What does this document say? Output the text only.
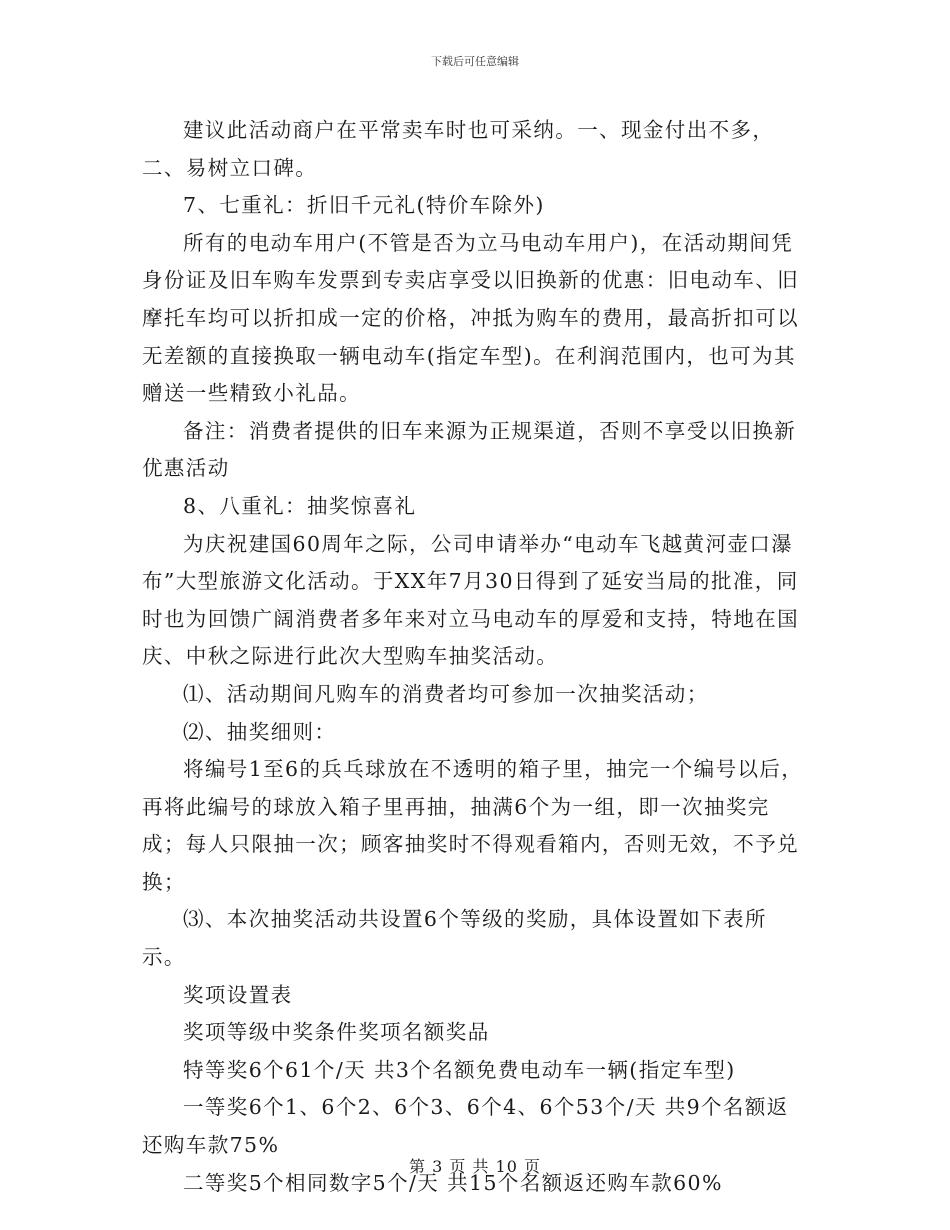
下载后可任意编辑

建议此活动商户在平常卖车时也可采纳。一、现金付出不多，二、易树立口碑。

7、七重礼：折旧千元礼(特价车除外)

所有的电动车用户(不管是否为立马电动车用户)，在活动期间凭身份证及旧车购车发票到专卖店享受以旧换新的优惠：旧电动车、旧摩托车均可以折扣成一定的价格，冲抵为购车的费用，最高折扣可以无差额的直接换取一辆电动车(指定车型)。在利润范围内，也可为其赠送一些精致小礼品。

备注：消费者提供的旧车来源为正规渠道，否则不享受以旧换新优惠活动

8、八重礼：抽奖惊喜礼

为庆祝建国60周年之际，公司申请举办“电动车飞越黄河壶口瀑布”大型旅游文化活动。于XX年7月30日得到了延安当局的批准，同时也为回馈广阔消费者多年来对立马电动车的厚爱和支持，特地在国庆、中秋之际进行此次大型购车抽奖活动。

⑴、活动期间凡购车的消费者均可参加一次抽奖活动；

⑵、抽奖细则：

将编号1至6的兵乓球放在不透明的箱子里，抽完一个编号以后，再将此编号的球放入箱子里再抽，抽满6个为一组，即一次抽奖完成；每人只限抽一次；顾客抽奖时不得观看箱内，否则无效，不予兑换；

⑶、本次抽奖活动共设置6个等级的奖励，具体设置如下表所示。

奖项设置表

奖项等级中奖条件奖项名额奖品

特等奖6个61个/天 共3个名额免费电动车一辆(指定车型)

一等奖6个1、6个2、6个3、6个4、6个53个/天 共9个名额返还购车款75%

二等奖5个相同数字5个/天 共15个名额返还购车款60%

第 3 页 共 10 页
